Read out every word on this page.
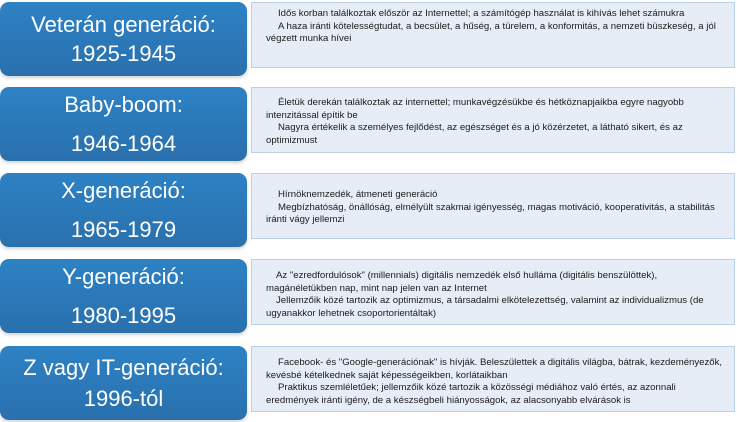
Veterán generáció:
1925-1945

Idős korban találkoztak először az Internettel; a számítógép használat is kihívás lehet számukra

A haza iránti kötelességtudat, a becsület, a hűség, a türelem, a konformitás, a nemzeti büszkeség, a jól végzett munka hívei

Baby-boom:
1946-1964

Életük derekán találkoztak az internettel; munkavégzésükbe és hétköznapjaikba egyre nagyobb intenzitással építik be

Nagyra értékelik a személyes fejlődést, az egészséget és a jó közérzetet, a látható sikert, és az optimizmust

X-generáció:
1965-1979

Hírnöknemzedék, átmeneti generáció

Megbízhatóság, önállóság, elmélyült szakmai igényesség, magas motiváció, kooperativitás, a stabilitás iránti vágy jellemzi

Y-generáció:
1980-1995

Az "ezredfordulósok" (millennials) digitális nemzedék első hulláma (digitális benszülöttek), magánéletükben nap, mint nap jelen van az Internet

Jellemzőik közé tartozik az optimizmus, a társadalmi elkötelezettség, valamint az individualizmus (de ugyanakkor lehetnek csoportorientáltak)

Z vagy IT-generáció:
1996-tól

Facebook- és "Google-generációnak" is hívják. Beleszülettek a digitális világba, bátrak, kezdeményezők, kevésbé kételkednek saját képességeikben, korlátaikban

Praktikus szemléletűek; jellemzőik közé tartozik a közösségi médiához való értés, az azonnali eredmények iránti igény, de a készségbeli hiányosságok, az alacsonyabb elvárások is
